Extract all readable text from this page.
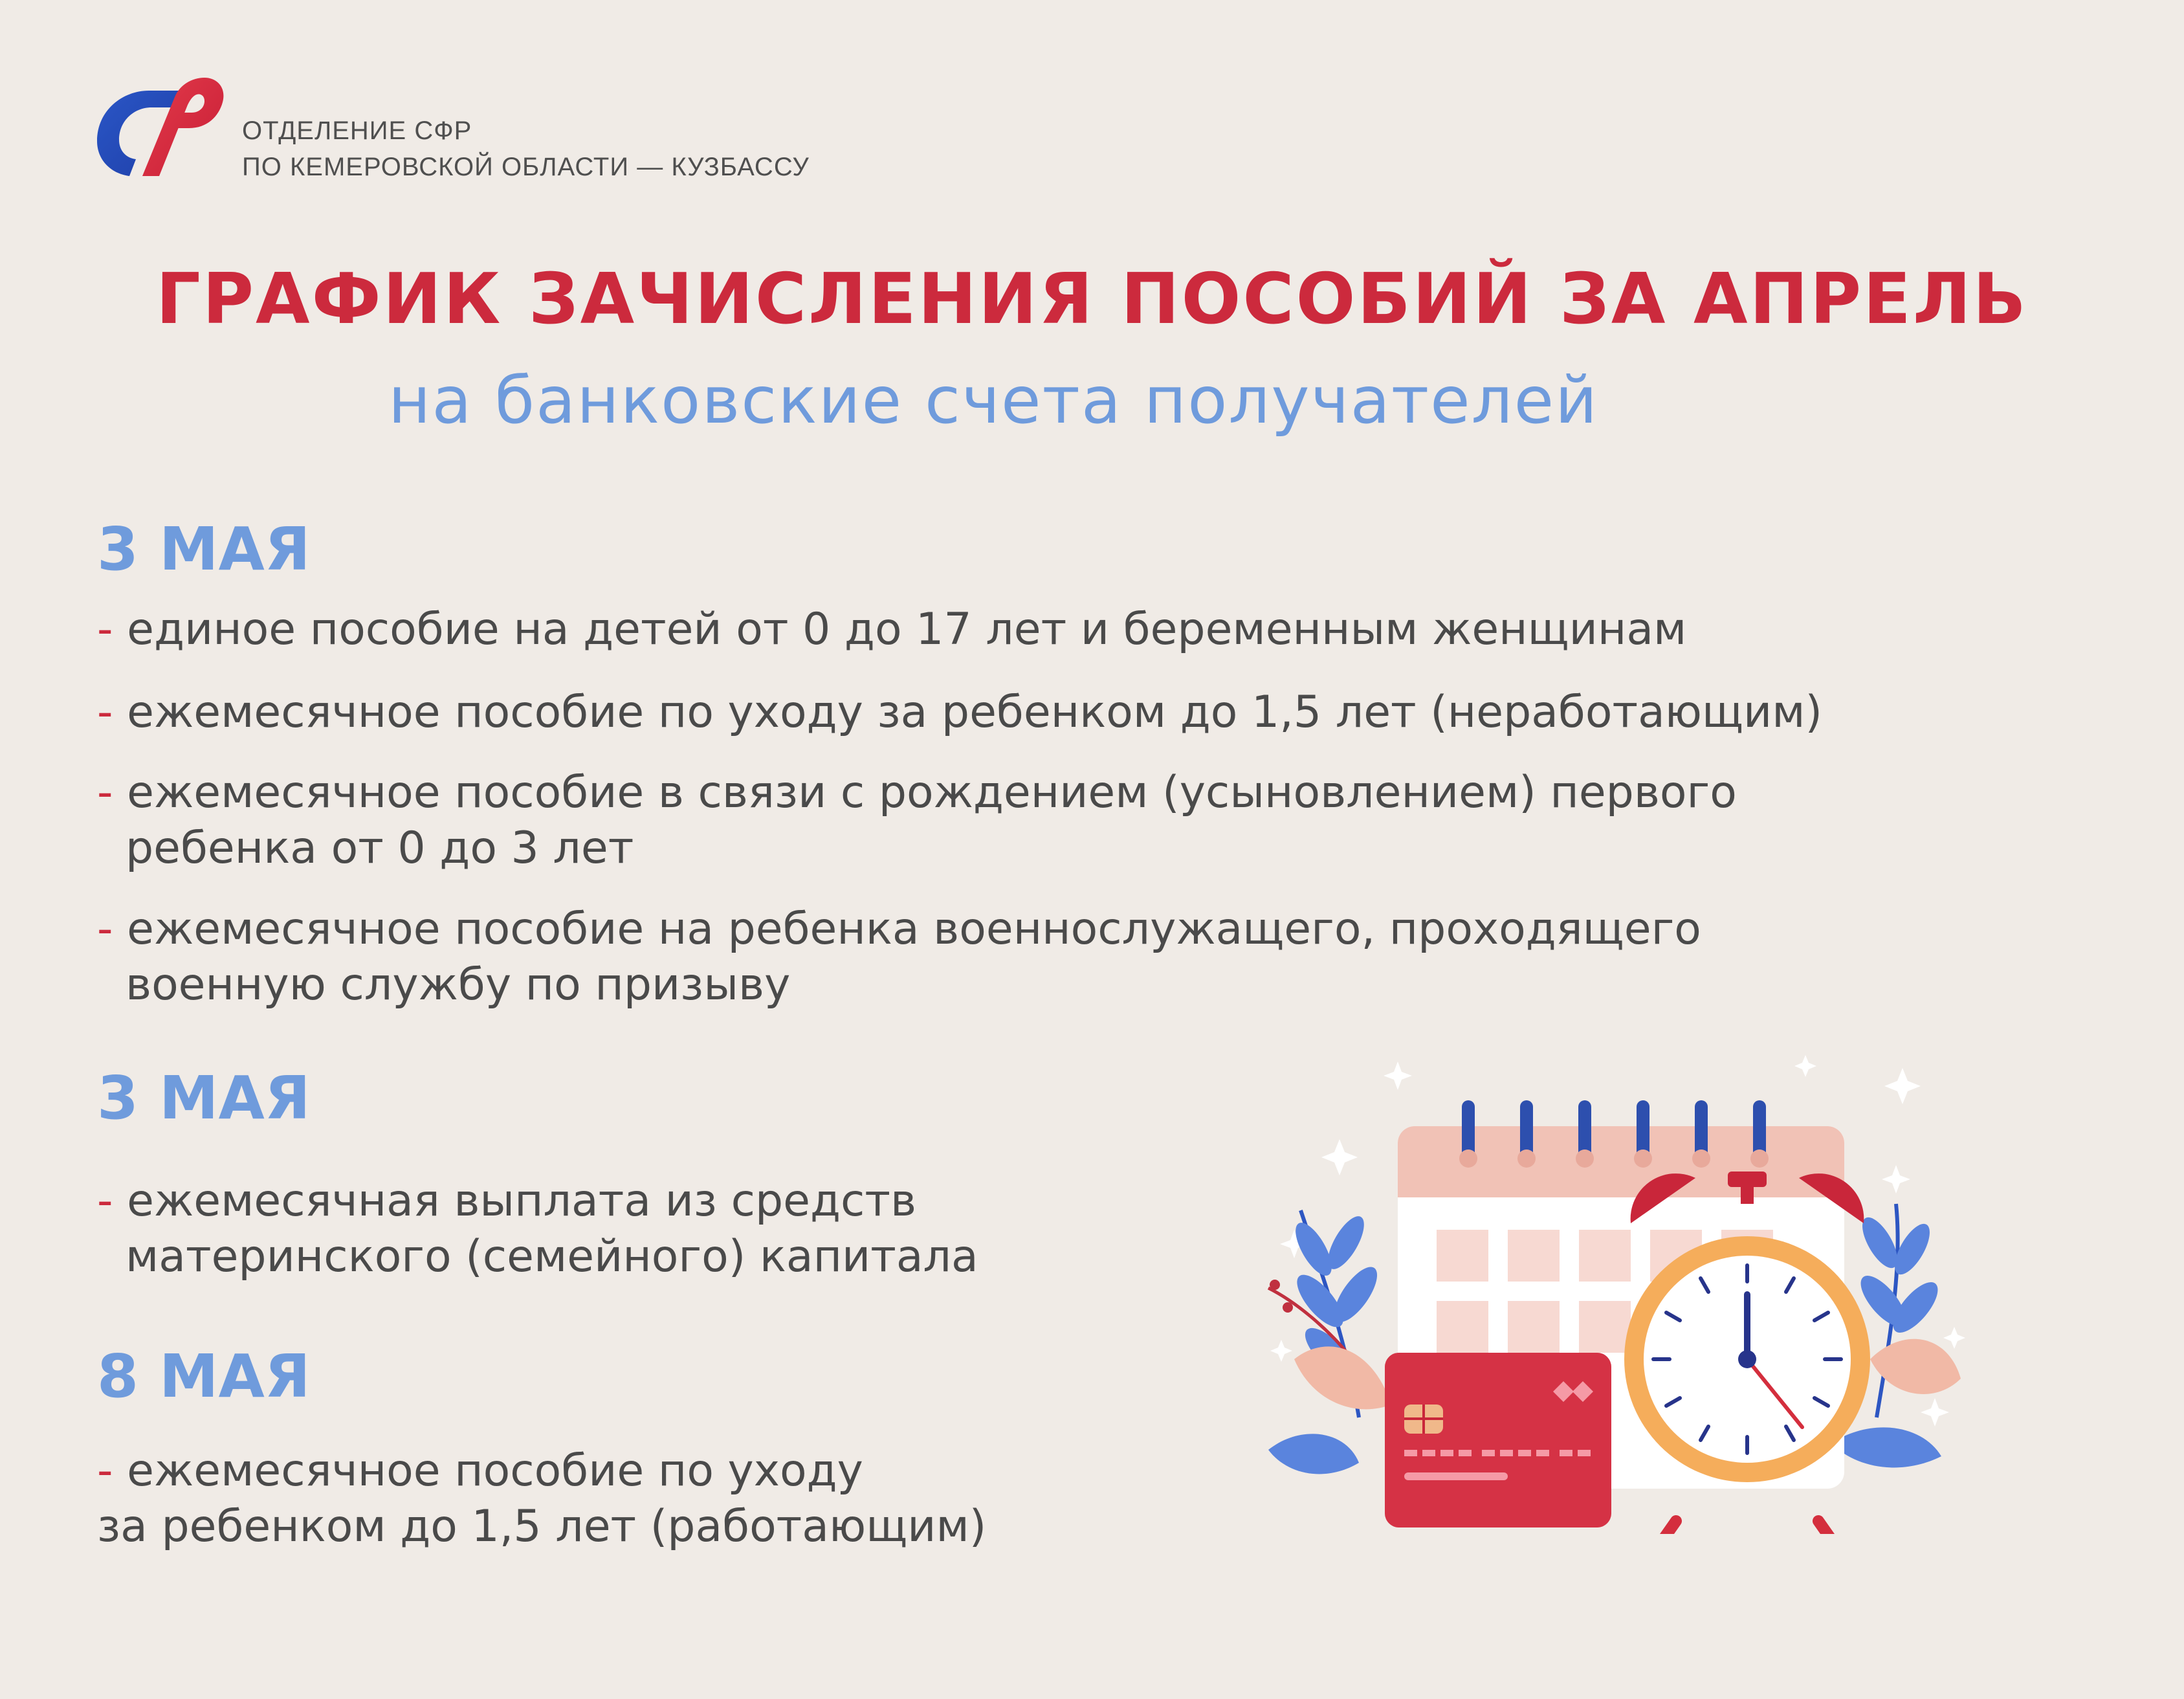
ОТДЕЛЕНИЕ СФР
ПО КЕМЕРОВСКОЙ ОБЛАСТИ — КУЗБАССУ
ГРАФИК ЗАЧИСЛЕНИЯ ПОСОБИЙ ЗА АПРЕЛЬ
на банковские счета получателей
3 МАЯ
- единое пособие на детей от 0 до 17 лет и беременным женщинам
- ежемесячное пособие по уходу за ребенком до 1,5 лет (неработающим)
- ежемесячное пособие в связи с рождением (усыновлением) первого
ребенка от 0 до 3 лет
- ежемесячное пособие на ребенка военнослужащего, проходящего
военную службу по призыву
3 МАЯ
- ежемесячная выплата из средств
материнского (семейного) капитала
8 МАЯ
- ежемесячное пособие по уходу
за ребенком до 1,5 лет (работающим)
